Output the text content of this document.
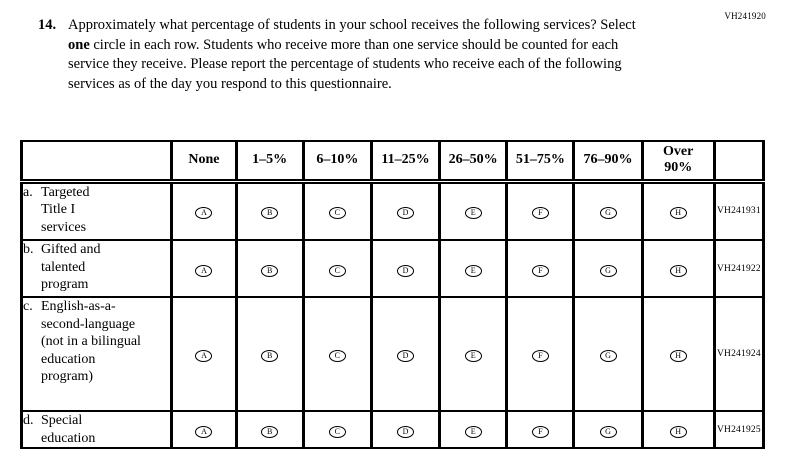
VH241920
14. Approximately what percentage of students in your school receives the following services? Select one circle in each row. Students who receive more than one service should be counted for each service they receive. Please report the percentage of students who receive each of the following services as of the day you respond to this questionnaire.
	None	1–5%	6–10%	11–25%	26–50%	51–75%	76–90%	Over 90%	

a. Targeted Title I services	A	B	C	D	E	F	G	H	VH241931

b. Gifted and talented program	A	B	C	D	E	F	G	H	VH241922

c. English-as-a-second-language (not in a bilingual education program)	A	B	C	D	E	F	G	H	VH241924

d. Special education	A	B	C	D	E	F	G	H	VH241925
